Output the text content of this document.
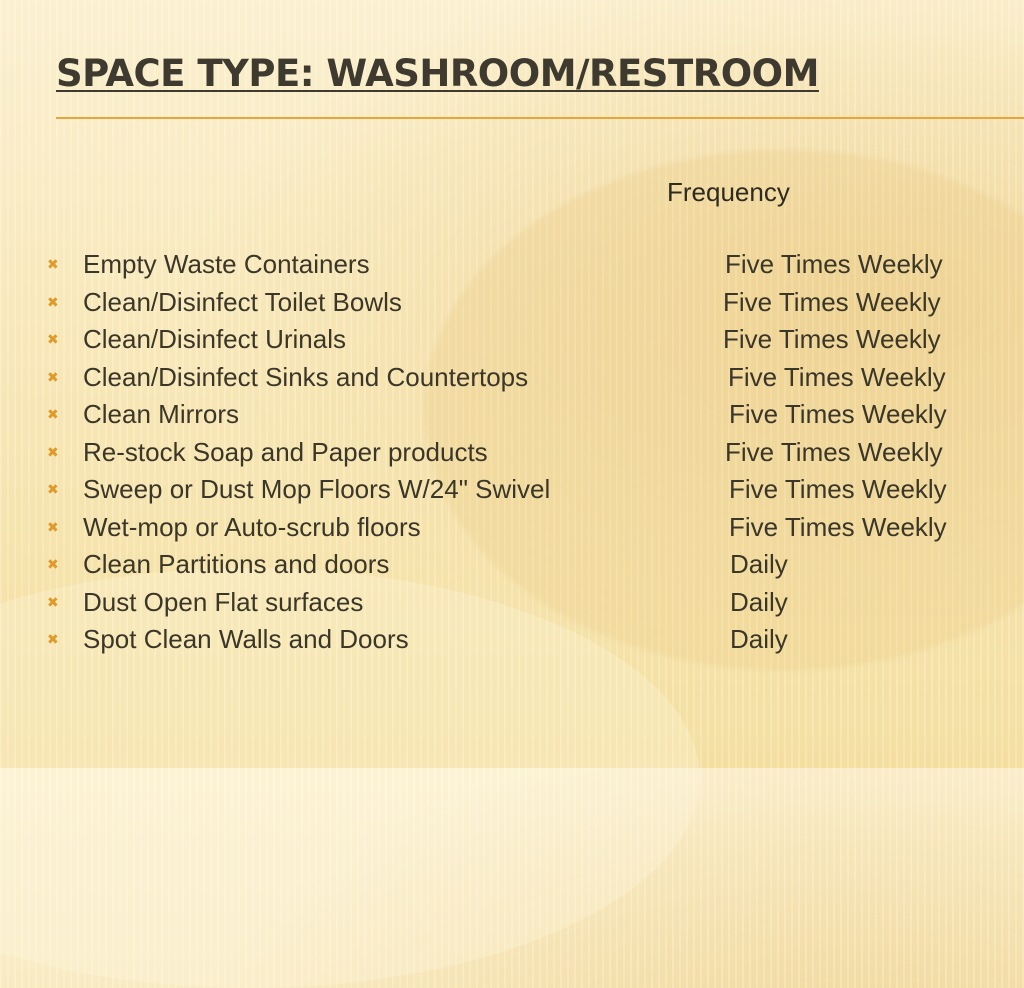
SPACE TYPE: WASHROOM/RESTROOM
Frequency
✖ Empty Waste Containers	Five Times Weekly
✖ Clean/Disinfect Toilet Bowls	Five Times Weekly
✖ Clean/Disinfect Urinals	Five Times Weekly
✖ Clean/Disinfect Sinks and Countertops	Five Times Weekly
✖ Clean Mirrors	Five Times Weekly
✖ Re-stock Soap and Paper products	Five Times Weekly
✖ Sweep or Dust Mop Floors W/24" Swivel	Five Times Weekly
✖ Wet-mop or Auto-scrub floors	Five Times Weekly
✖ Clean Partitions and doors	Daily
✖ Dust Open Flat surfaces	Daily
✖ Spot Clean Walls and Doors	Daily
